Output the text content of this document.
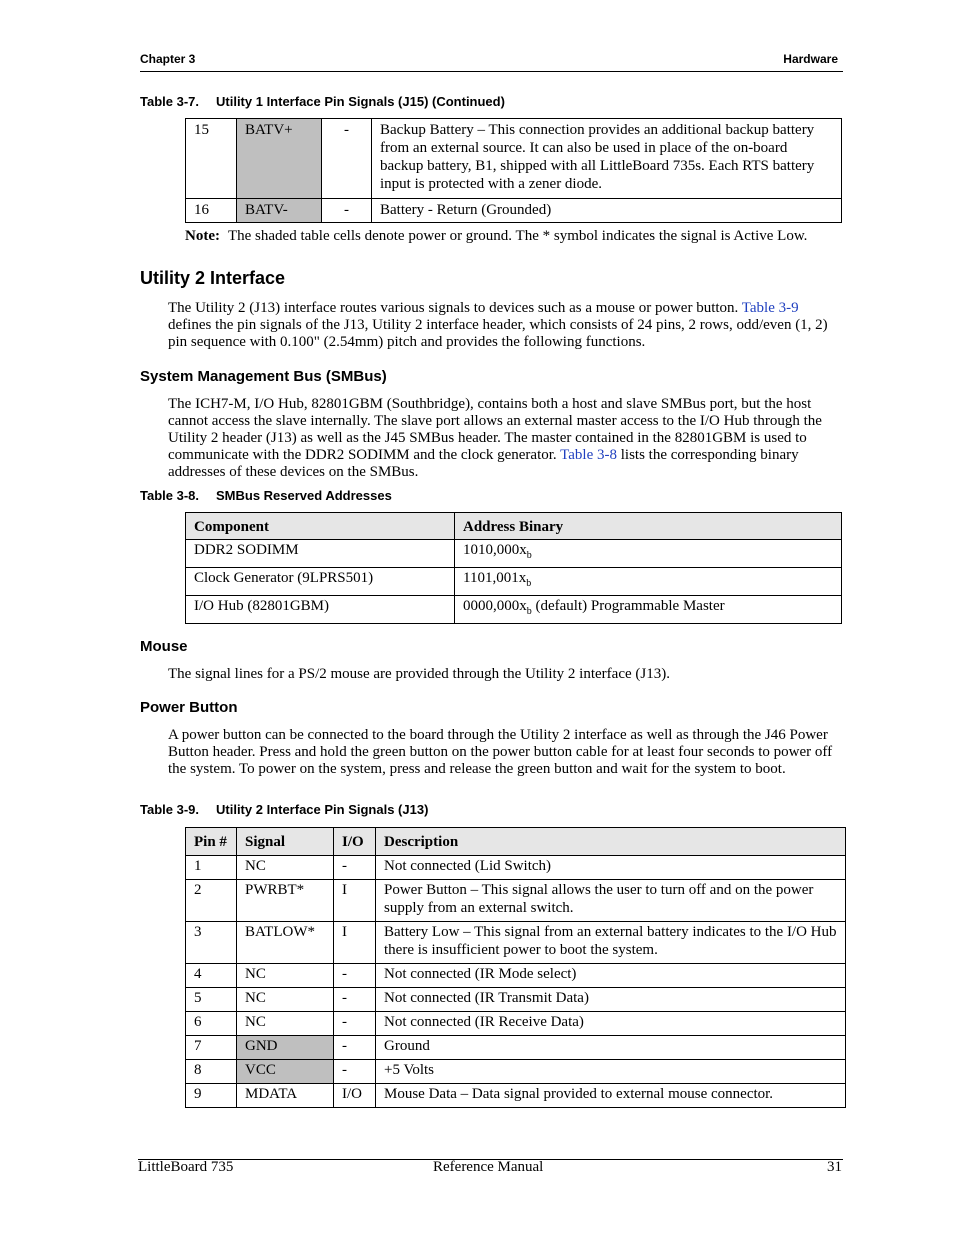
Chapter 3	Hardware
Table 3-7. Utility 1 Interface Pin Signals (J15) (Continued)
15	BATV+	-	Backup Battery – This connection provides an additional backup battery from an external source. It can also be used in place of the on-board backup battery, B1, shipped with all LittleBoard 735s. Each RTS battery input is protected with a zener diode.
16	BATV-	-	Battery - Return (Grounded)
Note: The shaded table cells denote power or ground. The * symbol indicates the signal is Active Low.
Utility 2 Interface
The Utility 2 (J13) interface routes various signals to devices such as a mouse or power button. Table 3-9 defines the pin signals of the J13, Utility 2 interface header, which consists of 24 pins, 2 rows, odd/even (1, 2) pin sequence with 0.100" (2.54mm) pitch and provides the following functions.
System Management Bus (SMBus)
The ICH7-M, I/O Hub, 82801GBM (Southbridge), contains both a host and slave SMBus port, but the host cannot access the slave internally. The slave port allows an external master access to the I/O Hub through the Utility 2 header (J13) as well as the J45 SMBus header. The master contained in the 82801GBM is used to communicate with the DDR2 SODIMM and the clock generator. Table 3-8 lists the corresponding binary addresses of these devices on the SMBus.
Table 3-8. SMBus Reserved Addresses
Component	Address Binary
DDR2 SODIMM	$1010,000x_b$
Clock Generator (9LPRS501)	$1101,001x_b$
I/O Hub (82801GBM)	$0000,000x_b$ (default) Programmable Master
Mouse
The signal lines for a PS/2 mouse are provided through the Utility 2 interface (J13).
Power Button
A power button can be connected to the board through the Utility 2 interface as well as through the J46 Power Button header. Press and hold the green button on the power button cable for at least four seconds to power off the system. To power on the system, press and release the green button and wait for the system to boot.
Table 3-9. Utility 2 Interface Pin Signals (J13)
Pin #	Signal	I/O	Description
1	NC	-	Not connected (Lid Switch)
2	PWRBT*	I	Power Button – This signal allows the user to turn off and on the power supply from an external switch.
3	BATLOW*	I	Battery Low – This signal from an external battery indicates to the I/O Hub there is insufficient power to boot the system.
4	NC	-	Not connected (IR Mode select)
5	NC	-	Not connected (IR Transmit Data)
6	NC	-	Not connected (IR Receive Data)
7	GND	-	Ground
8	VCC	-	+5 Volts
9	MDATA	I/O	Mouse Data – Data signal provided to external mouse connector.
LittleBoard 735	Reference Manual	31
